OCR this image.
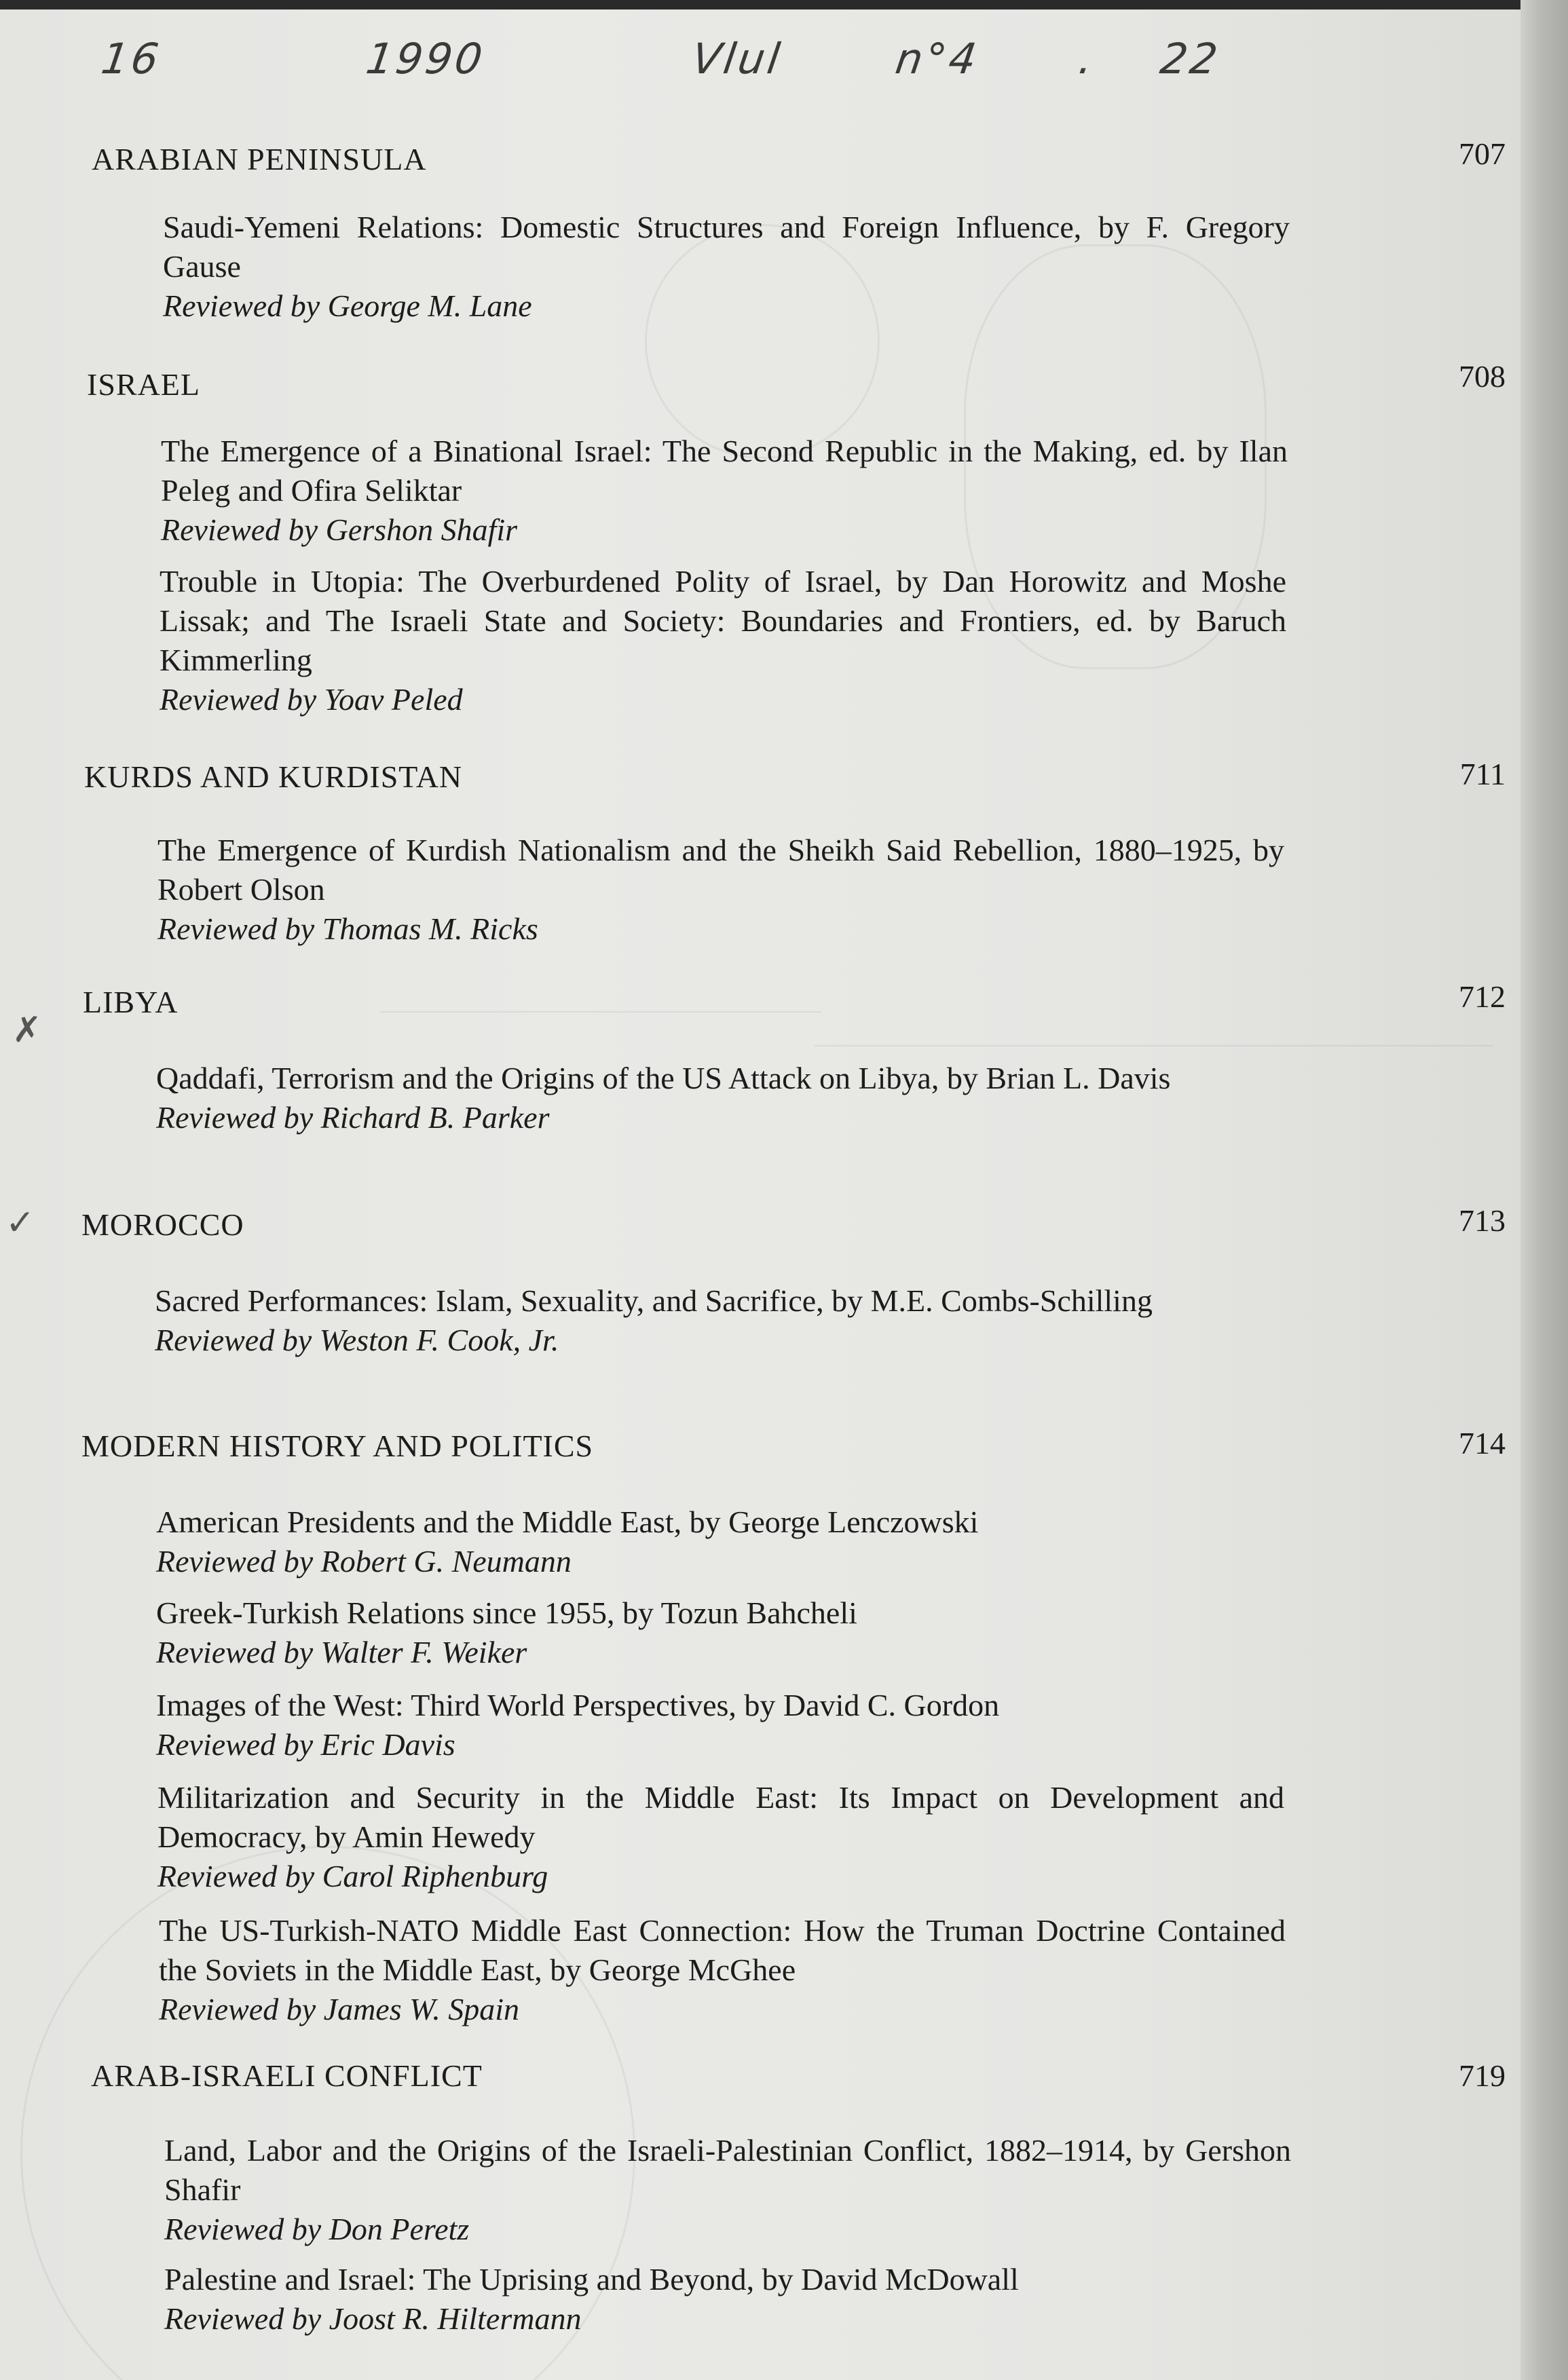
16	1990	Vlul	n°4 . 22
✗
✓
ARABIAN PENINSULA	707
Saudi-Yemeni Relations: Domestic Structures and Foreign Influence, by F. Gregory Gause
Reviewed by George M. Lane
ISRAEL	708
The Emergence of a Binational Israel: The Second Republic in the Making, ed. by Ilan Peleg and Ofira Seliktar
Reviewed by Gershon Shafir
Trouble in Utopia: The Overburdened Polity of Israel, by Dan Horowitz and Moshe Lissak; and The Israeli State and Society: Boundaries and Frontiers, ed. by Baruch Kimmerling
Reviewed by Yoav Peled
KURDS AND KURDISTAN	711
The Emergence of Kurdish Nationalism and the Sheikh Said Rebellion, 1880–1925, by Robert Olson
Reviewed by Thomas M. Ricks
LIBYA	712
Qaddafi, Terrorism and the Origins of the US Attack on Libya, by Brian L. Davis
Reviewed by Richard B. Parker
MOROCCO	713
Sacred Performances: Islam, Sexuality, and Sacrifice, by M.E. Combs-Schilling
Reviewed by Weston F. Cook, Jr.
MODERN HISTORY AND POLITICS	714
American Presidents and the Middle East, by George Lenczowski
Reviewed by Robert G. Neumann
Greek-Turkish Relations since 1955, by Tozun Bahcheli
Reviewed by Walter F. Weiker
Images of the West: Third World Perspectives, by David C. Gordon
Reviewed by Eric Davis
Militarization and Security in the Middle East: Its Impact on Development and Democracy, by Amin Hewedy
Reviewed by Carol Riphenburg
The US-Turkish-NATO Middle East Connection: How the Truman Doctrine Contained the Soviets in the Middle East, by George McGhee
Reviewed by James W. Spain
ARAB-ISRAELI CONFLICT	719
Land, Labor and the Origins of the Israeli-Palestinian Conflict, 1882–1914, by Gershon Shafir
Reviewed by Don Peretz
Palestine and Israel: The Uprising and Beyond, by David McDowall
Reviewed by Joost R. Hiltermann
